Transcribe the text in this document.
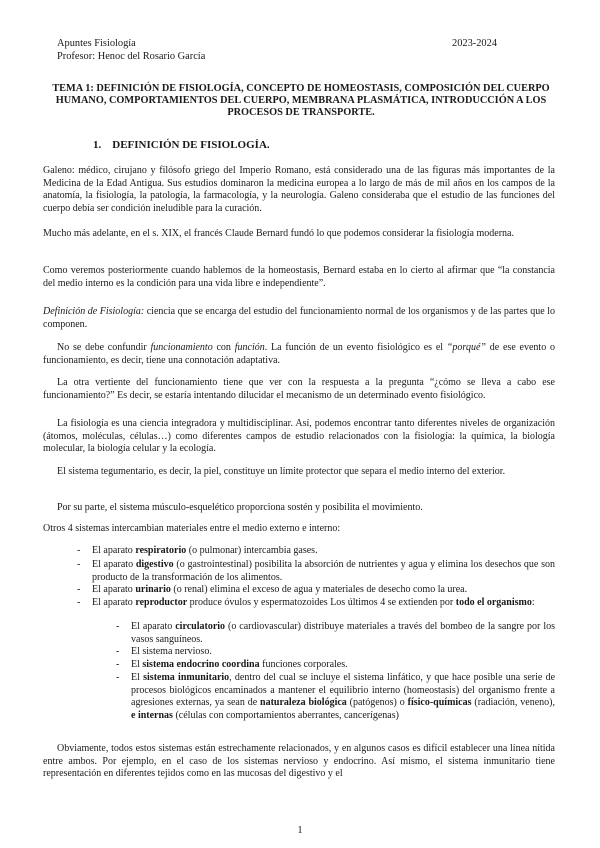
Apuntes Fisiología
Profesor: Henoc del Rosario García
2023-2024
TEMA 1: DEFINICIÓN DE FISIOLOGÍA, CONCEPTO DE HOMEOSTASIS, COMPOSICIÓN DEL CUERPO HUMANO, COMPORTAMIENTOS DEL CUERPO, MEMBRANA PLASMÁTICA, INTRODUCCIÓN A LOS PROCESOS DE TRANSPORTE.
1. DEFINICIÓN DE FISIOLOGÍA.
Galeno: médico, cirujano y filósofo griego del Imperio Romano, está considerado una de las figuras más importantes de la Medicina de la Edad Antigua. Sus estudios dominaron la medicina europea a lo largo de más de mil años en los campos de la anatomía, la fisiología, la patología, la farmacología, y la neurología. Galeno consideraba que el estudio de las funciones del cuerpo debía ser condición ineludible para la curación.
Mucho más adelante, en el s. XIX, el francés Claude Bernard fundó lo que podemos considerar la fisiología moderna.
Como veremos posteriormente cuando hablemos de la homeostasis, Bernard estaba en lo cierto al afirmar que “la constancia del medio interno es la condición para una vida libre e independiente”.
Definición de Fisiología: ciencia que se encarga del estudio del funcionamiento normal de los organismos y de las partes que lo componen.
No se debe confundir funcionamiento con función. La función de un evento fisiológico es el “porqué” de ese evento o funcionamiento, es decir, tiene una connotación adaptativa.
La otra vertiente del funcionamiento tiene que ver con la respuesta a la pregunta “¿cómo se lleva a cabo ese funcionamiento?” Es decir, se estaría intentando dilucidar el mecanismo de un determinado evento fisiológico.
La fisiología es una ciencia integradora y multidisciplinar. Así, podemos encontrar tanto diferentes niveles de organización (átomos, moléculas, células…) como diferentes campos de estudio relacionados con la fisiología: la química, la biología molecular, la biología celular y la ecología.
El sistema tegumentario, es decir, la piel, constituye un límite protector que separa el medio interno del exterior.
Por su parte, el sistema músculo-esquelético proporciona sostén y posibilita el movimiento.
Otros 4 sistemas intercambian materiales entre el medio externo e interno:
- El aparato respiratorio (o pulmonar) intercambia gases.
- El aparato digestivo (o gastrointestinal) posibilita la absorción de nutrientes y agua y elimina los desechos que son producto de la transformación de los alimentos.
- El aparato urinario (o renal) elimina el exceso de agua y materiales de desecho como la urea.
- El aparato reproductor produce óvulos y espermatozoides Los últimos 4 se extienden por todo el organismo:
- El aparato circulatorio (o cardiovascular) distribuye materiales a través del bombeo de la sangre por los vasos sanguíneos.
- El sistema nervioso.
- El sistema endocrino coordina funciones corporales.
- El sistema inmunitario, dentro del cual se incluye el sistema linfático, y que hace posible una serie de procesos biológicos encaminados a mantener el equilibrio interno (homeostasis) del organismo frente a agresiones externas, ya sean de naturaleza biológica (patógenos) o físico-químicas (radiación, veneno), e internas (células con comportamientos aberrantes, cancerígenas)
Obviamente, todos estos sistemas están estrechamente relacionados, y en algunos casos es difícil establecer una línea nítida entre ambos. Por ejemplo, en el caso de los sistemas nervioso y endocrino. Así mismo, el sistema inmunitario tiene representación en diferentes tejidos como en las mucosas del digestivo y el
1
